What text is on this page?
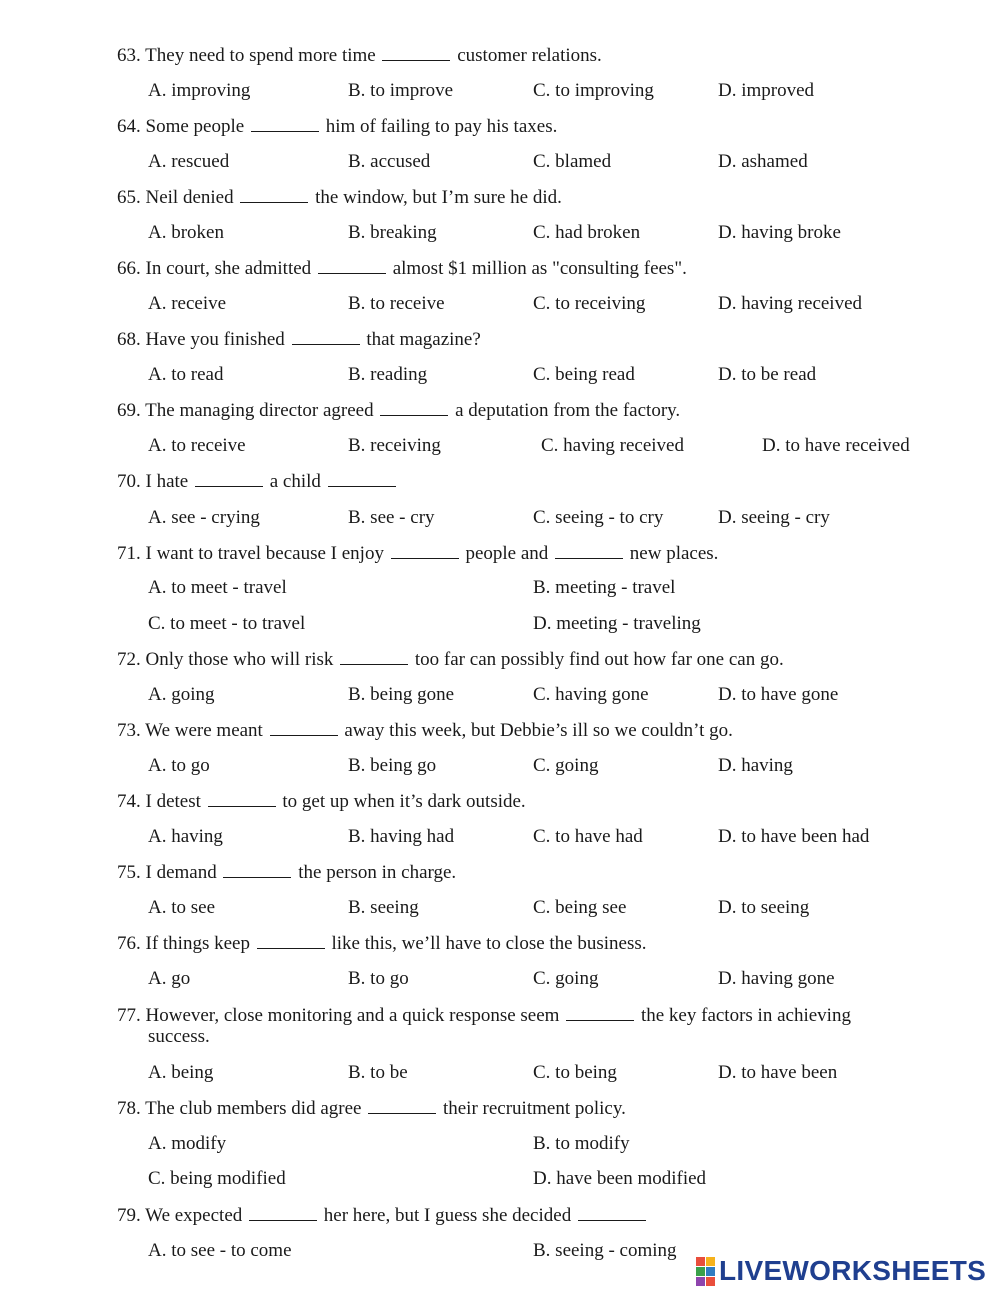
63. They need to spend more time	customer relations.
A. improving	B. to improve	C. to improving	D. improved
64. Some people	him of failing to pay his taxes.
A. rescued	B. accused	C. blamed	D. ashamed
65. Neil denied	the window, but I’m sure he did.
A. broken	B. breaking	C. had broken	D. having broke
66. In court, she admitted	almost $1 million as "consulting fees".
A. receive	B. to receive	C. to receiving	D. having received
68. Have you finished	that magazine?
A. to read	B. reading	C. being read	D. to be read
69. The managing director agreed	a deputation from the factory.
A. to receive	B. receiving	C. having received	D. to have received
70. I hate	a child
A. see - crying	B. see - cry	C. seeing - to cry	D. seeing - cry
71. I want to travel because I enjoy	people and	new places.
A. to meet - travel	B. meeting - travel
C. to meet - to travel	D. meeting - traveling
72. Only those who will risk	too far can possibly find out how far one can go.
A. going	B. being gone	C. having gone	D. to have gone
73. We were meant	away this week, but Debbie’s ill so we couldn’t go.
A. to go	B. being go	C. going	D. having
74. I detest	to get up when it’s dark outside.
A. having	B. having had	C. to have had	D. to have been had
75. I demand	the person in charge.
A. to see	B. seeing	C. being see	D. to seeing
76. If things keep	like this, we’ll have to close the business.
A. go	B. to go	C. going	D. having gone
77. However, close monitoring and a quick response seem	the key factors in achieving
success.
A. being	B. to be	C. to being	D. to have been
78. The club members did agree	their recruitment policy.
A. modify	B. to modify
C. being modified	D. have been modified
79. We expected	her here, but I guess she decided
A. to see - to come	B. seeing - coming
LIVEWORKSHEETS
